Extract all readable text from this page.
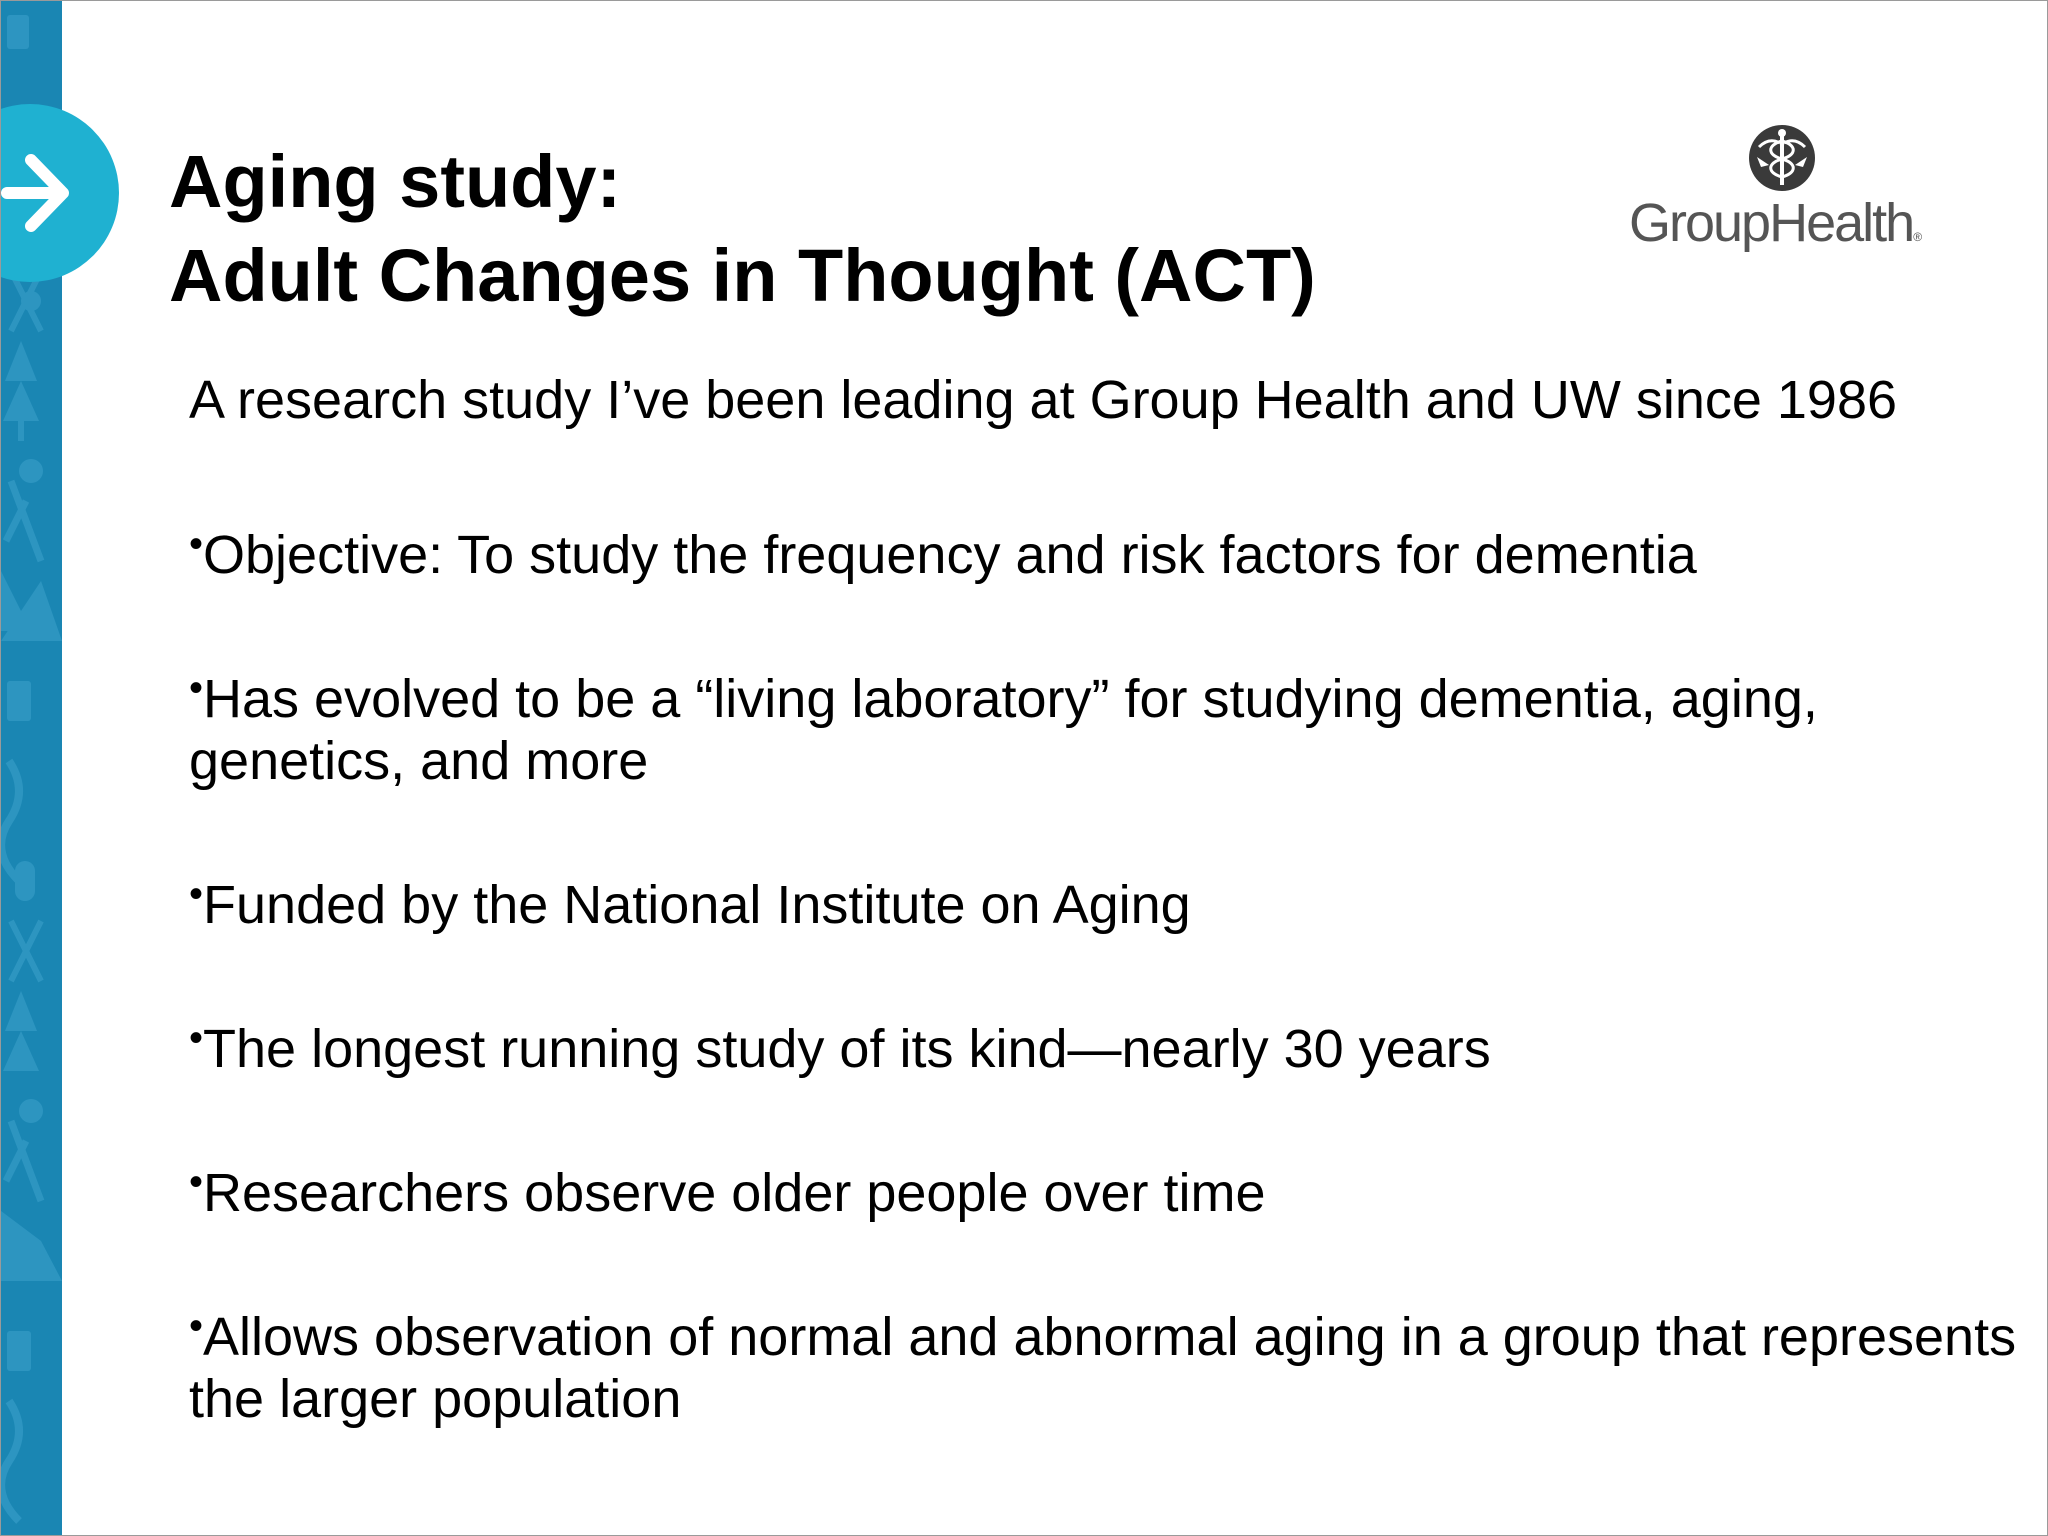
Aging study:
Adult Changes in Thought (ACT)
GroupHealth®

A research study I’ve been leading at Group Health and UW since 1986

•Objective: To study the frequency and risk factors for dementia

•Has evolved to be a “living laboratory” for studying dementia, aging, genetics, and more

•Funded by the National Institute on Aging

•The longest running study of its kind—nearly 30 years

•Researchers observe older people over time

•Allows observation of normal and abnormal aging in a group that represents the larger population
